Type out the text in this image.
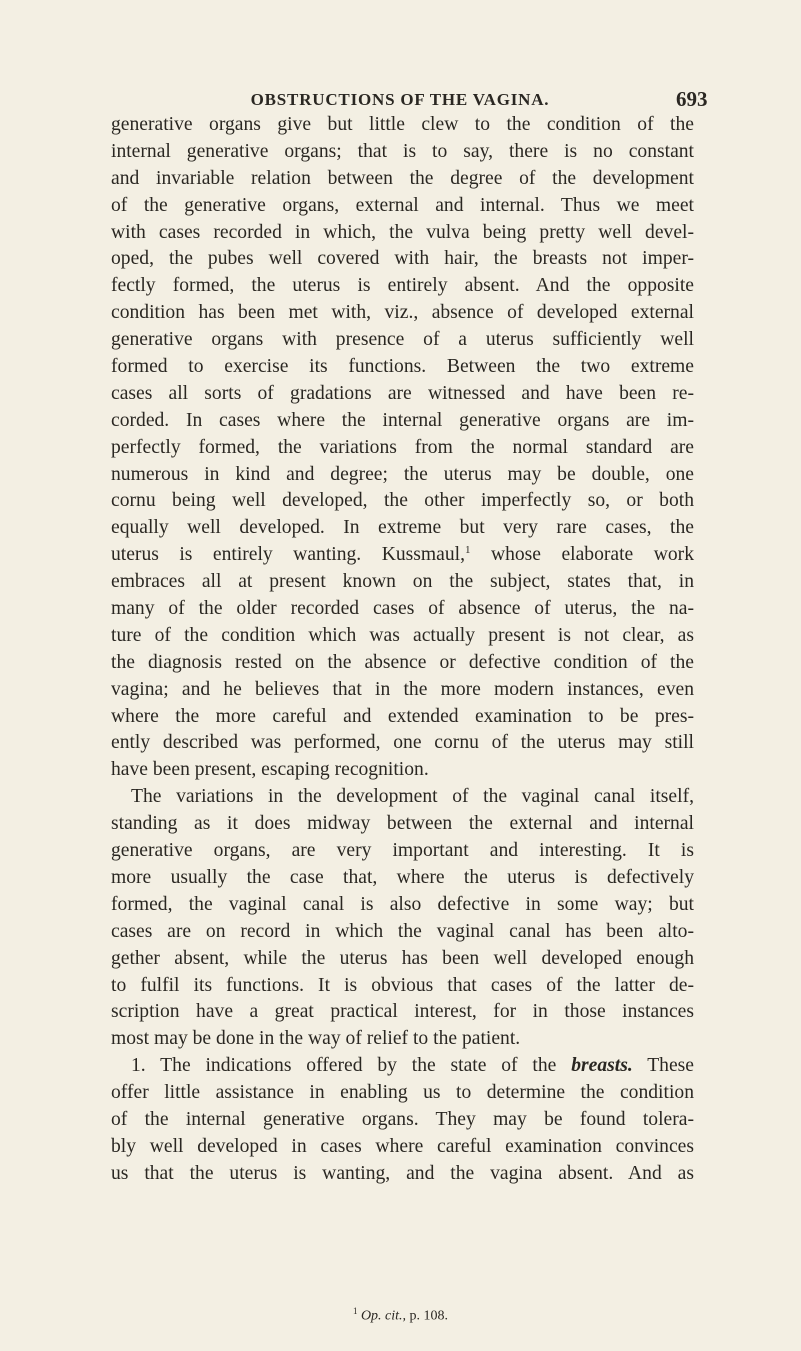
OBSTRUCTIONS OF THE VAGINA.	693
generative organs give but little clew to the condition of the
internal generative organs; that is to say, there is no constant
and invariable relation between the degree of the development
of the generative organs, external and internal. Thus we meet
with cases recorded in which, the vulva being pretty well devel-
oped, the pubes well covered with hair, the breasts not imper-
fectly formed, the uterus is entirely absent. And the opposite
condition has been met with, viz., absence of developed external
generative organs with presence of a uterus sufficiently well
formed to exercise its functions. Between the two extreme
cases all sorts of gradations are witnessed and have been re-
corded. In cases where the internal generative organs are im-
perfectly formed, the variations from the normal standard are
numerous in kind and degree; the uterus may be double, one
cornu being well developed, the other imperfectly so, or both
equally well developed. In extreme but very rare cases, the
uterus is entirely wanting. Kussmaul,$^1$ whose elaborate work
embraces all at present known on the subject, states that, in
many of the older recorded cases of absence of uterus, the na-
ture of the condition which was actually present is not clear, as
the diagnosis rested on the absence or defective condition of the
vagina; and he believes that in the more modern instances, even
where the more careful and extended examination to be pres-
ently described was performed, one cornu of the uterus may still
have been present, escaping recognition.
The variations in the development of the vaginal canal itself,
standing as it does midway between the external and internal
generative organs, are very important and interesting. It is
more usually the case that, where the uterus is defectively
formed, the vaginal canal is also defective in some way; but
cases are on record in which the vaginal canal has been alto-
gether absent, while the uterus has been well developed enough
to fulfil its functions. It is obvious that cases of the latter de-
scription have a great practical interest, for in those instances
most may be done in the way of relief to the patient.
1. The indications offered by the state of the breasts. These
offer little assistance in enabling us to determine the condition
of the internal generative organs. They may be found tolera-
bly well developed in cases where careful examination convinces
us that the uterus is wanting, and the vagina absent. And as
$^1$ Op. cit., p. 108.
